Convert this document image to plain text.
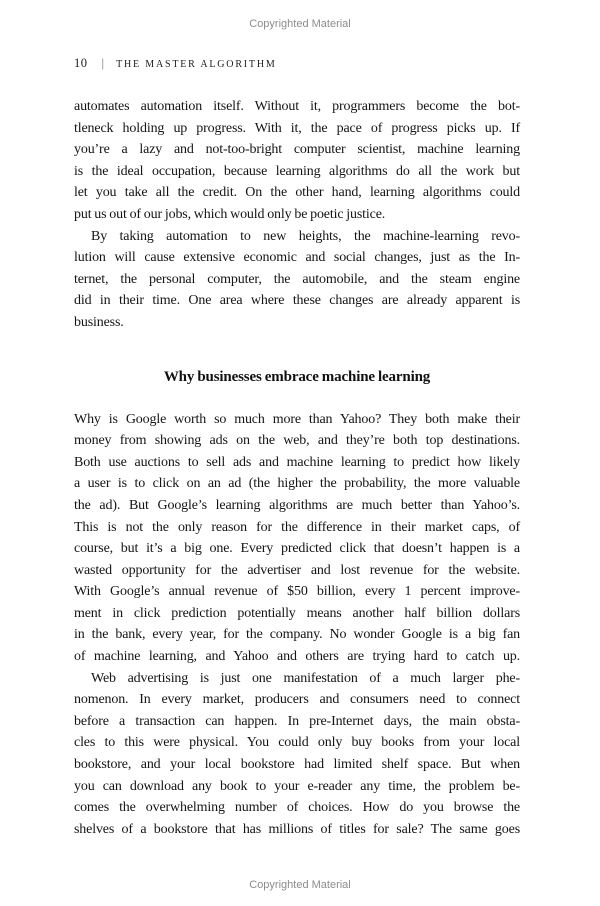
Copyrighted Material
10 | THE MASTER ALGORITHM
automates automation itself. Without it, programmers become the bot-
tleneck holding up progress. With it, the pace of progress picks up. If
you’re a lazy and not-too-bright computer scientist, machine learning
is the ideal occupation, because learning algorithms do all the work but
let you take all the credit. On the other hand, learning algorithms could
put us out of our jobs, which would only be poetic justice.
By taking automation to new heights, the machine-learning revo-
lution will cause extensive economic and social changes, just as the In-
ternet, the personal computer, the automobile, and the steam engine
did in their time. One area where these changes are already apparent is
business.
Why businesses embrace machine learning
Why is Google worth so much more than Yahoo? They both make their
money from showing ads on the web, and they’re both top destinations.
Both use auctions to sell ads and machine learning to predict how likely
a user is to click on an ad (the higher the probability, the more valuable
the ad). But Google’s learning algorithms are much better than Yahoo’s.
This is not the only reason for the difference in their market caps, of
course, but it’s a big one. Every predicted click that doesn’t happen is a
wasted opportunity for the advertiser and lost revenue for the website.
With Google’s annual revenue of $50 billion, every 1 percent improve-
ment in click prediction potentially means another half billion dollars
in the bank, every year, for the company. No wonder Google is a big fan
of machine learning, and Yahoo and others are trying hard to catch up.
Web advertising is just one manifestation of a much larger phe-
nomenon. In every market, producers and consumers need to connect
before a transaction can happen. In pre-Internet days, the main obsta-
cles to this were physical. You could only buy books from your local
bookstore, and your local bookstore had limited shelf space. But when
you can download any book to your e-reader any time, the problem be-
comes the overwhelming number of choices. How do you browse the
shelves of a bookstore that has millions of titles for sale? The same goes
Copyrighted Material
